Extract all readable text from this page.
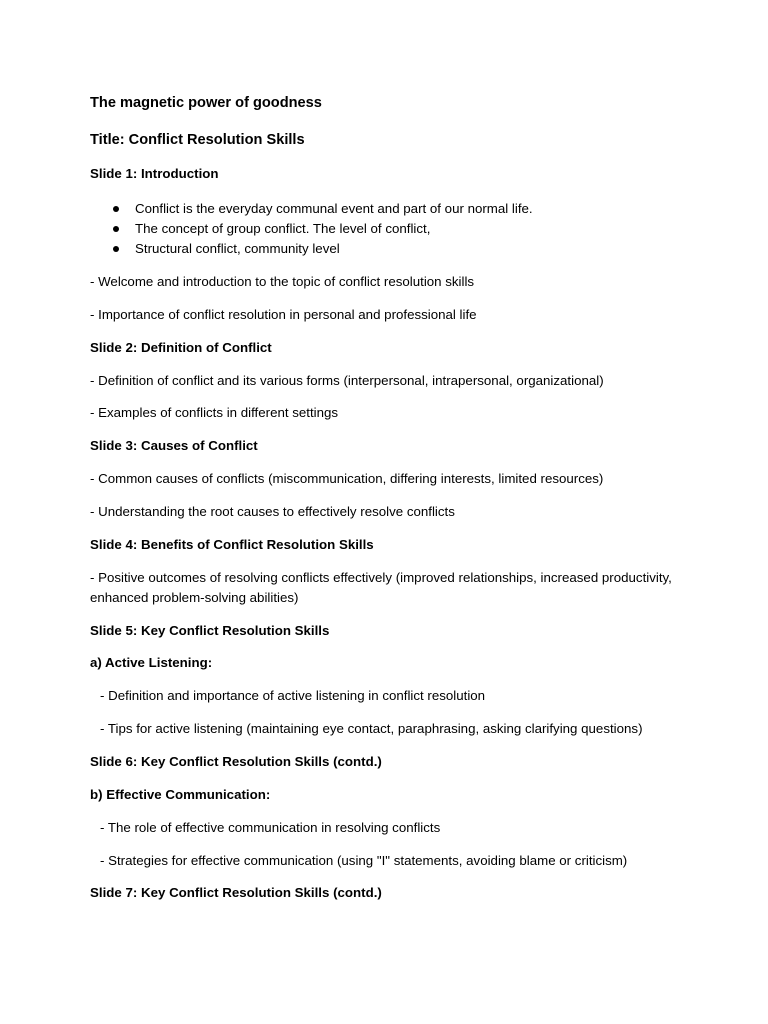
The magnetic power of goodness

Title: Conflict Resolution Skills

Slide 1: Introduction

Conflict is the everyday communal event and part of our normal life.
The concept of group conflict. The level of conflict,
Structural conflict, community level

- Welcome and introduction to the topic of conflict resolution skills

- Importance of conflict resolution in personal and professional life

Slide 2: Definition of Conflict

- Definition of conflict and its various forms (interpersonal, intrapersonal, organizational)

- Examples of conflicts in different settings

Slide 3: Causes of Conflict

- Common causes of conflicts (miscommunication, differing interests, limited resources)

- Understanding the root causes to effectively resolve conflicts

Slide 4: Benefits of Conflict Resolution Skills

- Positive outcomes of resolving conflicts effectively (improved relationships, increased productivity,

enhanced problem-solving abilities)

Slide 5: Key Conflict Resolution Skills

a) Active Listening:

- Definition and importance of active listening in conflict resolution

- Tips for active listening (maintaining eye contact, paraphrasing, asking clarifying questions)

Slide 6: Key Conflict Resolution Skills (contd.)

b) Effective Communication:

- The role of effective communication in resolving conflicts

- Strategies for effective communication (using "I" statements, avoiding blame or criticism)

Slide 7: Key Conflict Resolution Skills (contd.)
